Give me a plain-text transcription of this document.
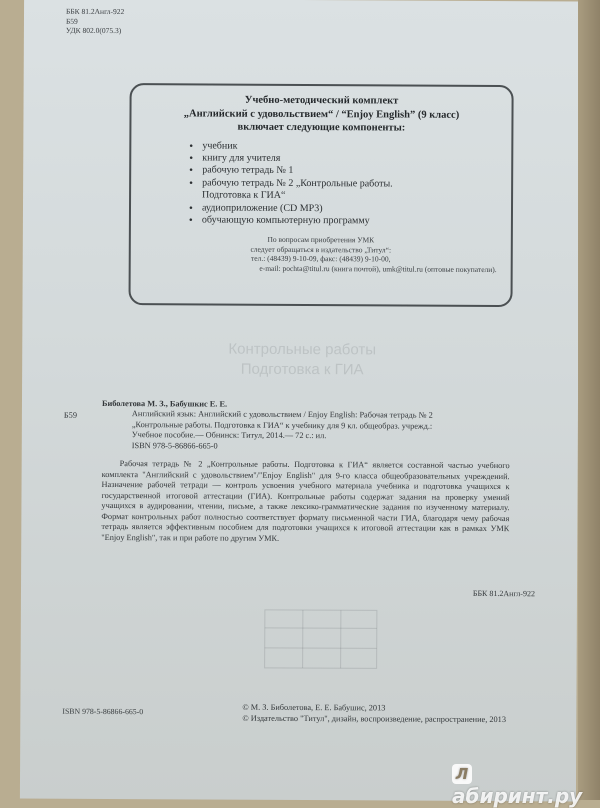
ББК 81.2Англ-922
Б59
УДК 802.0(075.3)
Учебно-методический комплект
„Английский с удовольствием“ / “Enjoy English” (9 класс)
включает следующие компоненты:
• учебник
• книгу для учителя
• рабочую тетрадь № 1
• рабочую тетрадь № 2 „Контрольные работы.
Подготовка к ГИА“
• аудиоприложение (CD MP3)
• обучающую компьютерную программу
По вопросам приобретения УМК
следует обращаться в издательство „Титул“:
тел.: (48439) 9-10-09, факс: (48439) 9-10-00,
e-mail: pochta@titul.ru (книга почтой), umk@titul.ru (оптовые покупатели).
Контрольные работы
Подготовка к ГИА
Биболетова М. З., Бабушкис Е. Е.
Б59	Английский язык: Английский с удовольствием / Enjoy English: Рабочая тетрадь № 2
„Контрольные работы. Подготовка к ГИА“ к учебнику для 9 кл. общеобраз. учрежд.:
Учебное пособие.— Обнинск: Титул, 2014.— 72 с.: ил.
ISBN 978-5-86866-665-0
Рабочая тетрадь № 2 „Контрольные работы. Подготовка к ГИА“ является составной частью учебного комплекта "Английский с удовольствием"/"Enjoy English" для 9-го класса общеобразовательных учреждений. Назначение рабочей тетради — контроль усвоения учебного материала учебника и подготовка учащихся к государственной итоговой аттестации (ГИА). Контрольные работы содержат задания на проверку умений учащихся в аудировании, чтении, письме, а также лексико-грамматические задания по изученному материалу. Формат контрольных работ полностью соответствует формату письменной части ГИА, благодаря чему рабочая тетрадь является эффективным пособием для подготовки учащихся к итоговой аттестации как в рамках УМК "Enjoy English", так и при работе по другим УМК.
ББК 81.2Англ-922
ISBN 978-5-86866-665-0	© М. З. Биболетова, Е. Е. Бабушис, 2013
© Издательство "Титул", дизайн, воспроизведение, распространение, 2013
Лабиринт.ру
